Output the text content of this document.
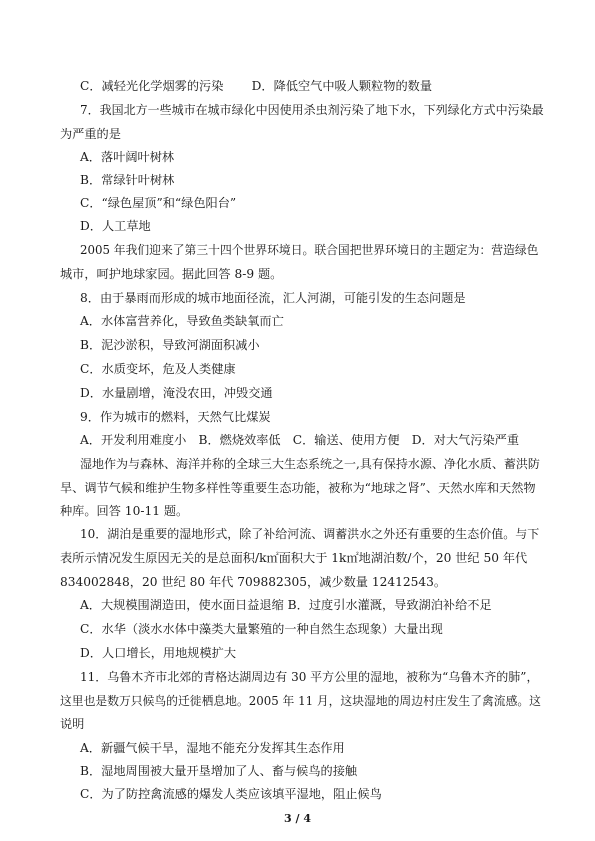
C．减轻光化学烟雾的污染　　 D．降低空气中吸人颗粒物的数量
7．我国北方一些城市在城市绿化中因使用杀虫剂污染了地下水，下列绿化方式中污染最
为严重的是
A．落叶阔叶树林
B．常绿针叶树林
C．“绿色屋顶”和“绿色阳台”
D．人工草地
2005 年我们迎来了第三十四个世界环境日。联合国把世界环境日的主题定为：营造绿色
城市，呵护地球家园。据此回答 8-9 题。
8．由于暴雨而形成的城市地面径流，汇人河湖，可能引发的生态问题是
A．水体富营养化，导致鱼类缺氧而亡
B．泥沙淤积，导致河湖面积减小
C．水质变坏，危及人类健康
D．水量剧增，淹没农田，冲毁交通
9．作为城市的燃料，天然气比煤炭
A．开发利用难度小　B．燃烧效率低　C．输送、使用方便　D．对大气污染严重
湿地作为与森林、海洋并称的全球三大生态系统之一,具有保持水源、净化水质、蓄洪防
旱、调节气候和维护生物多样性等重要生态功能，被称为“地球之肾”、天然水库和天然物
种库。回答 10-11 题。
10．湖泊是重要的湿地形式，除了补给河流、调蓄洪水之外还有重要的生态价值。与下
表所示情况发生原因无关的是总面积/k㎡面积大于 1k㎡地湖泊数/个，20 世纪 50 年代
834002848，20 世纪 80 年代 709882305，减少数量 12412543。
A．大规模围湖造田，使水面日益退缩 B．过度引水灌溉，导致湖泊补给不足
C．水华（淡水水体中藻类大量繁殖的一种自然生态现象）大量出现
D．人口增长，用地规模扩大
11．乌鲁木齐市北郊的青格达湖周边有 30 平方公里的湿地，被称为“乌鲁木齐的肺”，
这里也是数万只候鸟的迁徙栖息地。2005 年 11 月，这块湿地的周边村庄发生了禽流感。这
说明
A．新疆气候干旱，湿地不能充分发挥其生态作用
B．湿地周围被大量开垦增加了人、畜与候鸟的接触
C．为了防控禽流感的爆发人类应该填平湿地，阻止候鸟
3 / 4
